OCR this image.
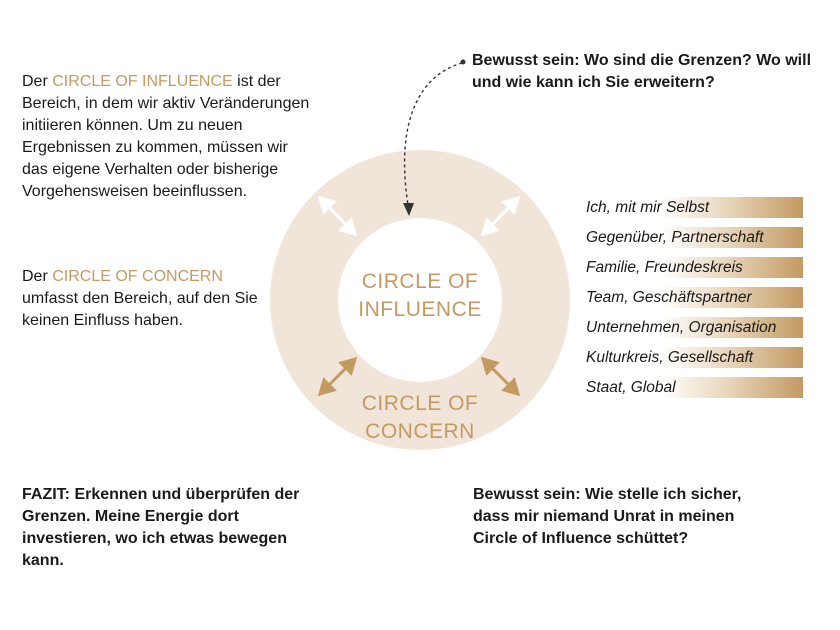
CIRCLE OF
INFLUENCE
CIRCLE OF
CONCERN
Der CIRCLE OF INFLUENCE ist der Bereich, in dem wir aktiv Veränderungen initiieren können. Um zu neuen Ergebnissen zu kommen, müssen wir das eigene Verhalten oder bisherige Vorgehensweisen beeinflussen.
Der CIRCLE OF CONCERN umfasst den Bereich, auf den Sie keinen Einfluss haben.
Bewusst sein: Wo sind die Grenzen? Wo will und wie kann ich Sie erweitern?
Ich, mit mir Selbst
Gegenüber, Partnerschaft
Familie, Freundeskreis
Team, Geschäftspartner
Unternehmen, Organisation
Kulturkreis, Gesellschaft
Staat, Global
FAZIT: Erkennen und überprüfen der Grenzen. Meine Energie dort investieren, wo ich etwas bewegen kann.
Bewusst sein: Wie stelle ich sicher, dass mir niemand Unrat in meinen Circle of Influence schüttet?
